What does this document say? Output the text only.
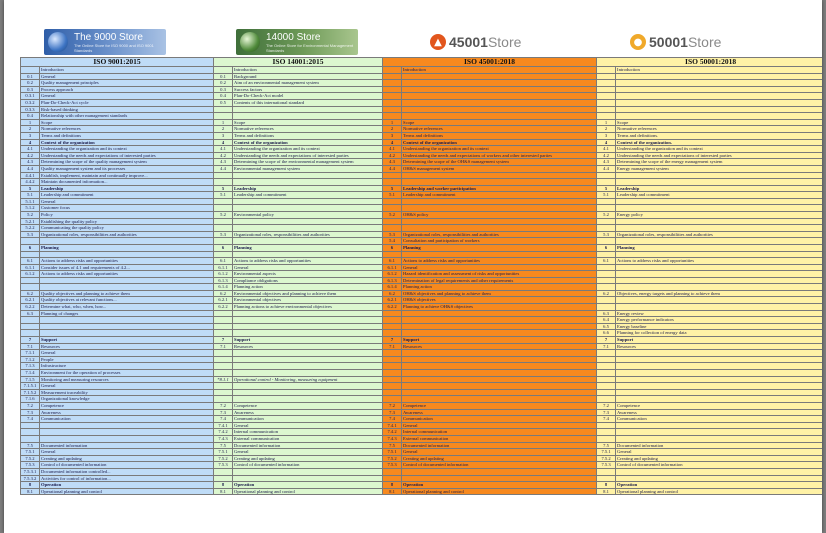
The 9000 Store
The Online Store for ISO 9000 and ISO 9001 Standards
14000 Store
The Online Store for Environmental Management Standards
▲ 45001 Store	● 50001 Store
ISO 9001:2015		ISO 14001:2015		ISO 45001:2018		ISO 50001:2018	
	Introduction		Introduction		Introduction		Introduction
0.1	General	0.1	Background				
0.2	Quality management principles	0.2	Aim of an environmental management system				
0.3	Process approach	0.3	Success factors				
0.3.1	General	0.4	Plan-Do-Check-Act model				
0.3.2	Plan-Do-Check-Act cycle	0.5	Contents of this international standard				
0.3.3	Risk-based thinking						
0.4	Relationship with other management standards						
1	Scope	1	Scope	1	Scope	1	Scope
2	Normative references	2	Normative references	2	Normative references	2	Normative references
3	Terms and definitions	3	Terms and definitions	3	Terms and definitions	3	Terms and definitions.
4	Context of the organization	4	Context of the organization	4	Context of the organization	4	Context of the organization.
4.1	Understanding the organization and its context	4.1	Understanding the organization and its context	4.1	Understanding the organization and its context	4.1	Understanding the organization and its context
4.2	Understanding the needs and expectations of interested parties	4.2	Understanding the needs and expectations of interested parties	4.2	Understanding the needs and expectations of workers and other interested parties	4.2	Understanding the needs and expectations of interested parties
4.3	Determining the scope of the quality management system	4.3	Determining the scope of the environmental management system	4.3	Determining the scope of the OH&S management system	4.3	Determining the scope of the energy management system
4.4	Quality management system and its processes	4.4	Environmental management system	4.4	OH&S management system	4.4	Energy management system
4.4.1	Establish, implement, maintain and continually improve...						
4.4.2	Maintain documented information...						
5	Leadership	5	Leadership	5	Leadership and worker participation	5	Leadership
5.1	Leadership and commitment	5.1	Leadership and commitment	5.1	Leadership and commitment	5.1	Leadership and commitment
5.1.1	General						
5.1.2	Customer focus						
5.2	Policy	5.2	Environmental policy	5.2	OH&S policy	5.2	Energy policy
5.2.1	Establishing the quality policy						
5.2.2	Communicating the quality policy						
5.3	Organizational roles, responsibilities and authorities	5.3	Organizational roles, responsibilities and authorities	5.3	Organizational roles, responsibilities and authorities	5.3	Organizational roles, responsibilities and authorities
				5.4	Consultation and participation of workers		
6	Planning	6	Planning	6	Planning	6	Planning

6.1	Actions to address risks and opportunities	6.1	Actions to address risks and opportunities	6.1	Actions to address risks and opportunities	6.1	Actions to address risks and opportunities
6.1.1	Consider issues of 4.1 and requirements of 4.2...	6.1.1	General	6.1.1	General		
6.1.2	Actions to address risks and opportunities	6.1.2	Environmental aspects	6.1.2	Hazard identification and assessment of risks and opportunities		
		6.1.3	Compliance obligations	6.1.3	Determination of legal requirements and other requirements		
		6.1.4	Planning action	6.1.4	Planning action		
6.2	Quality objectives and planning to achieve them	6.2	Environmental objectives and planning to achieve them	6.2	OH&S objectives and planning to achieve them	6.2	Objectives, energy targets and planning to achieve them
6.2.1	Quality objectives at relevant functions...	6.2.1	Environmental objectives	6.2.1	OH&S objectives		
6.2.2	Determine what, who, when, how...	6.2.2	Planning actions to achieve environmental objectives	6.2.2	Planning to achieve OH&S objectives		
6.3	Planning of changes					6.3	Energy review
						6.4	Energy performance indicators
						6.5	Energy baseline
						6.6	Planning for collection of energy data
7	Support	7	Support	7	Support	7	Support
7.1	Resources	7.1	Resources	7.1	Resources	7.1	Resources
7.1.1	General						
7.1.2	People						
7.1.3	Infrastructure						
7.1.4	Environment for the operation of processes						
7.1.5	Monitoring and measuring resources	*8.1.1	Operational control - Monitoring, measuring equipment				
7.1.5.1	General						
7.1.5.2	Measurement traceability						
7.1.6	Organizational knowledge						
7.2	Competence	7.2	Competence	7.2	Competence	7.2	Competence
7.3	Awareness	7.3	Awareness	7.3	Awareness	7.3	Awareness
7.4	Communication	7.4	Communication	7.4	Communication	7.4	Communication
		7.4.1	General	7.4.1	General		
		7.4.2	Internal communication	7.4.2	Internal communication		
		7.4.3	External communication	7.4.3	External communication		
7.5	Documented information	7.5	Documented information	7.5	Documented information	7.5	Documented information
7.5.1	General	7.5.1	General	7.5.1	General	7.5.1	General
7.5.2	Creating and updating	7.5.2	Creating and updating	7.5.2	Creating and updating	7.5.2	Creating and updating
7.5.3	Control of documented information	7.5.3	Control of documented information	7.5.3	Control of documented information	7.5.3	Control of documented information
7.5.3.1	Documented information controlled...						
7.5.3.2	Activities for control of information...						
8	Operation	8	Operation	8	Operation	8	Operation
8.1	Operational planning and control	8.1	Operational planning and control	8.1	Operational planning and control	8.1	Operational planning and control
